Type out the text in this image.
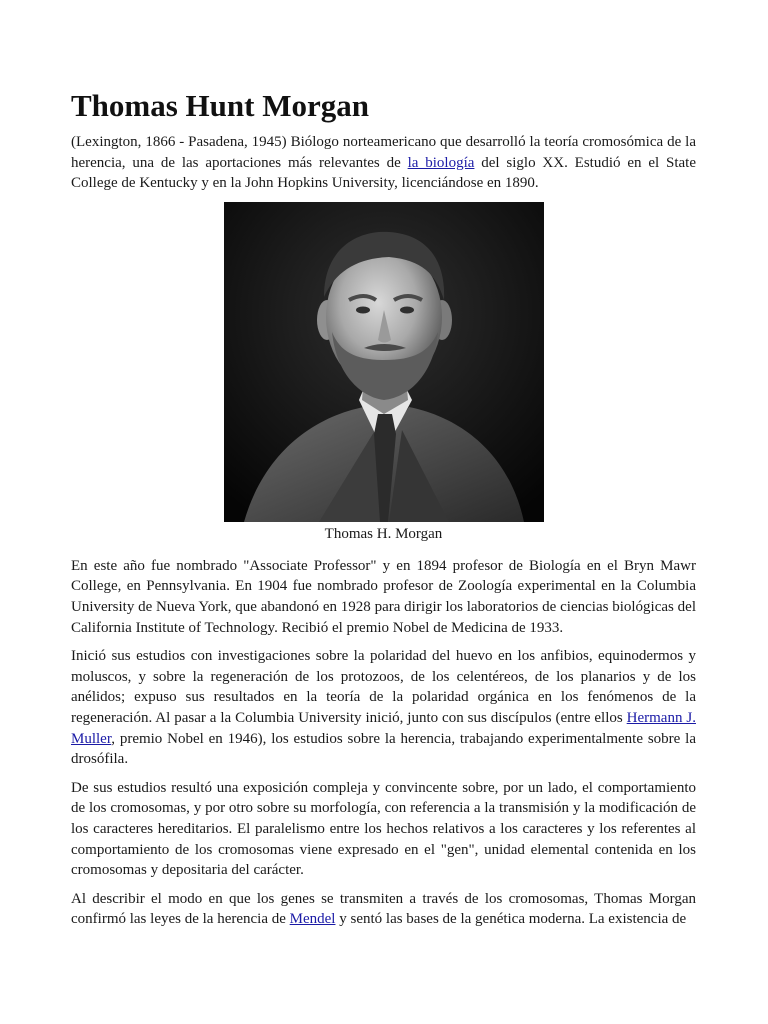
Thomas Hunt Morgan

(Lexington, 1866 - Pasadena, 1945) Biólogo norteamericano que desarrolló la teoría cromosómica de la herencia, una de las aportaciones más relevantes de la biología del siglo XX. Estudió en el State College de Kentucky y en la John Hopkins University, licenciándose en 1890.

Thomas H. Morgan

En este año fue nombrado "Associate Professor" y en 1894 profesor de Biología en el Bryn Mawr College, en Pennsylvania. En 1904 fue nombrado profesor de Zoología experimental en la Columbia University de Nueva York, que abandonó en 1928 para dirigir los laboratorios de ciencias biológicas del California Institute of Technology. Recibió el premio Nobel de Medicina de 1933.

Inició sus estudios con investigaciones sobre la polaridad del huevo en los anfibios, equinodermos y moluscos, y sobre la regeneración de los protozoos, de los celentéreos, de los planarios y de los anélidos; expuso sus resultados en la teoría de la polaridad orgánica en los fenómenos de la regeneración. Al pasar a la Columbia University inició, junto con sus discípulos (entre ellos Hermann J. Muller, premio Nobel en 1946), los estudios sobre la herencia, trabajando experimentalmente sobre la drosófila.

De sus estudios resultó una exposición compleja y convincente sobre, por un lado, el comportamiento de los cromosomas, y por otro sobre su morfología, con referencia a la transmisión y la modificación de los caracteres hereditarios. El paralelismo entre los hechos relativos a los caracteres y los referentes al comportamiento de los cromosomas viene expresado en el "gen", unidad elemental contenida en los cromosomas y depositaria del carácter.

Al describir el modo en que los genes se transmiten a través de los cromosomas, Thomas Morgan confirmó las leyes de la herencia de Mendel y sentó las bases de la genética moderna. La existencia de
